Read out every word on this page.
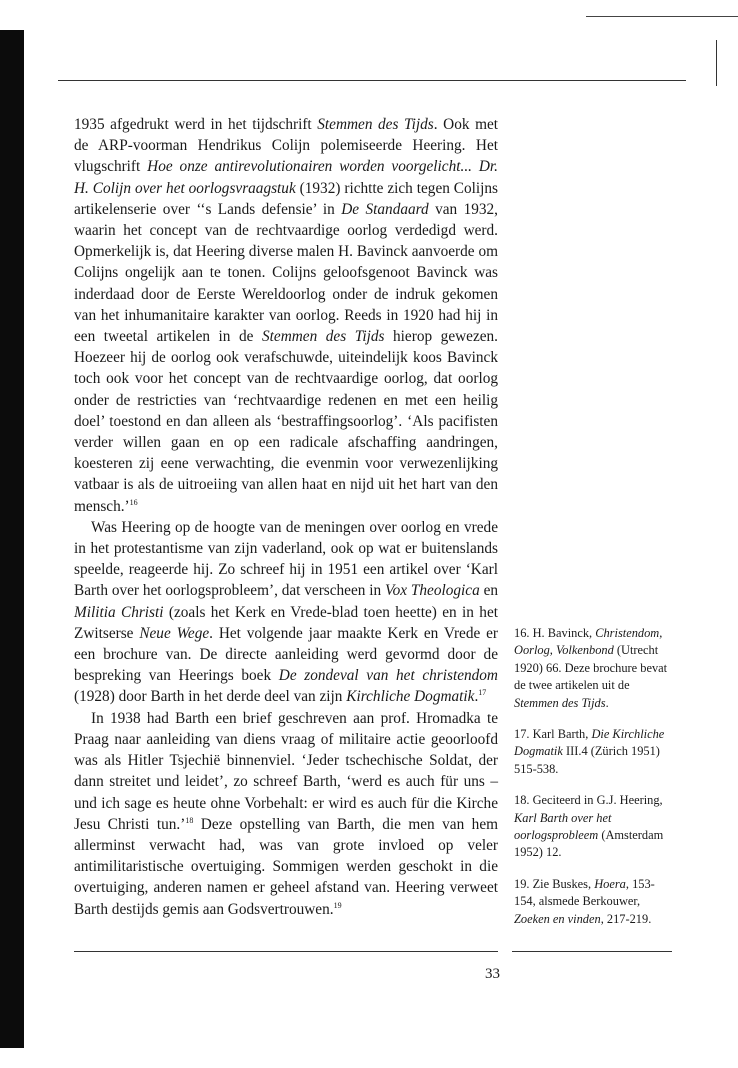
1935 afgedrukt werd in het tijdschrift Stemmen des Tijds. Ook met de ARP-voorman Hendrikus Colijn polemiseerde Heering. Het vlugschrift Hoe onze antirevolutionairen worden voorgelicht... Dr. H. Colijn over het oorlogsvraagstuk (1932) richtte zich tegen Colijns artikelenserie over ‘‘s Lands defensie’ in De Standaard van 1932, waarin het concept van de rechtvaardige oorlog verdedigd werd. Opmerkelijk is, dat Heering diverse malen H. Bavinck aanvoerde om Colijns ongelijk aan te tonen. Colijns geloofsgenoot Bavinck was inderdaad door de Eerste Wereldoorlog onder de indruk gekomen van het inhumanitaire karakter van oorlog. Reeds in 1920 had hij in een tweetal artikelen in de Stemmen des Tijds hierop gewezen. Hoezeer hij de oorlog ook verafschuwde, uiteindelijk koos Bavinck toch ook voor het concept van de rechtvaardige oorlog, dat oorlog onder de restricties van ‘rechtvaardige redenen en met een heilig doel’ toestond en dan alleen als ‘bestraffingsoorlog’. ‘Als pacifisten verder willen gaan en op een radicale afschaffing aandringen, koesteren zij eene verwachting, die evenmin voor verwezenlijking vatbaar is als de uitroeiing van allen haat en nijd uit het hart van den mensch.’$^{16}$

Was Heering op de hoogte van de meningen over oorlog en vrede in het protestantisme van zijn vaderland, ook op wat er buitenslands speelde, reageerde hij. Zo schreef hij in 1951 een artikel over ‘Karl Barth over het oorlogsprobleem’, dat verscheen in Vox Theologica en Militia Christi (zoals het Kerk en Vrede-blad toen heette) en in het Zwitserse Neue Wege. Het volgende jaar maakte Kerk en Vrede er een brochure van. De directe aanleiding werd gevormd door de bespreking van Heerings boek De zondeval van het christendom (1928) door Barth in het derde deel van zijn Kirchliche Dogmatik.$^{17}$

In 1938 had Barth een brief geschreven aan prof. Hromadka te Praag naar aanleiding van diens vraag of militaire actie geoorloofd was als Hitler Tsjechië binnenviel. ‘Jeder tschechische Soldat, der dann streitet und leidet’, zo schreef Barth, ‘werd es auch für uns – und ich sage es heute ohne Vorbehalt: er wird es auch für die Kirche Jesu Christi tun.’$^{18}$ Deze opstelling van Barth, die men van hem allerminst verwacht had, was van grote invloed op veler antimilitaristische overtuiging. Sommigen werden geschokt in die overtuiging, anderen namen er geheel afstand van. Heering verweet Barth destijds gemis aan Godsvertrouwen.$^{19}$

16. H. Bavinck, Christendom, Oorlog, Volkenbond (Utrecht 1920) 66. Deze brochure bevat de twee artikelen uit de Stemmen des Tijds.

17. Karl Barth, Die Kirchliche Dogmatik III.4 (Zürich 1951) 515-538.

18. Geciteerd in G.J. Heering, Karl Barth over het oorlogsprobleem (Amsterdam 1952) 12.

19. Zie Buskes, Hoera, 153-154, alsmede Berkouwer, Zoeken en vinden, 217-219.

33
